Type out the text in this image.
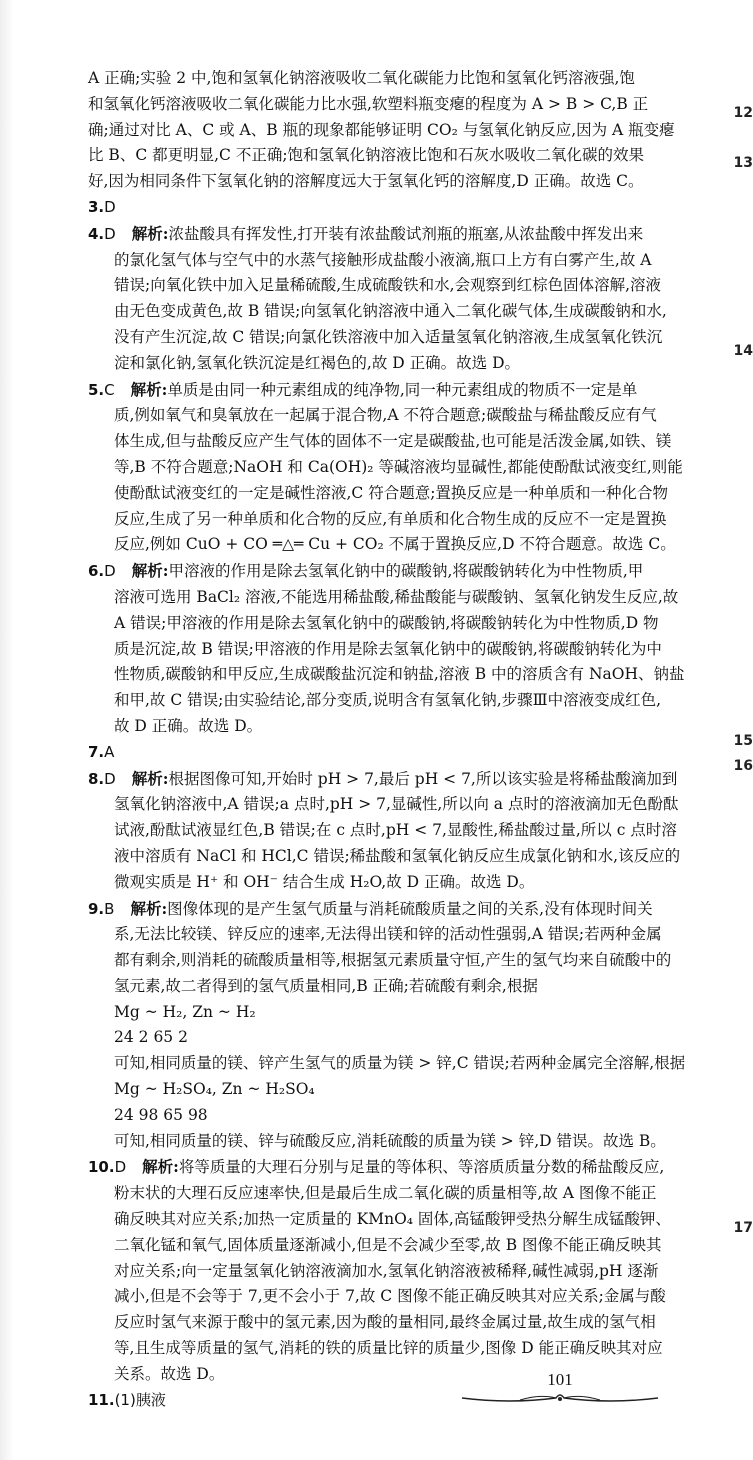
A 正确;实验 2 中,饱和氢氧化钠溶液吸收二氧化碳能力比饱和氢氧化钙溶液强,饱
和氢氧化钙溶液吸收二氧化碳能力比水强,软塑料瓶变瘪的程度为 A > B > C,B 正
确;通过对比 A、C 或 A、B 瓶的现象都能够证明 CO₂ 与氢氧化钠反应,因为 A 瓶变瘪
比 B、C 都更明显,C 不正确;饱和氢氧化钠溶液比饱和石灰水吸收二氧化碳的效果
好,因为相同条件下氢氧化钠的溶解度远大于氢氧化钙的溶解度,D 正确。故选 C。
3.D
4.D 解析:浓盐酸具有挥发性,打开装有浓盐酸试剂瓶的瓶塞,从浓盐酸中挥发出来
的氯化氢气体与空气中的水蒸气接触形成盐酸小液滴,瓶口上方有白雾产生,故 A
错误;向氧化铁中加入足量稀硫酸,生成硫酸铁和水,会观察到红棕色固体溶解,溶液
由无色变成黄色,故 B 错误;向氢氧化钠溶液中通入二氧化碳气体,生成碳酸钠和水,
没有产生沉淀,故 C 错误;向氯化铁溶液中加入适量氢氧化钠溶液,生成氢氧化铁沉
淀和氯化钠,氢氧化铁沉淀是红褐色的,故 D 正确。故选 D。
5.C 解析:单质是由同一种元素组成的纯净物,同一种元素组成的物质不一定是单
质,例如氧气和臭氧放在一起属于混合物,A 不符合题意;碳酸盐与稀盐酸反应有气
体生成,但与盐酸反应产生气体的固体不一定是碳酸盐,也可能是活泼金属,如铁、镁
等,B 不符合题意;NaOH 和 Ca(OH)₂ 等碱溶液均显碱性,都能使酚酞试液变红,则能
使酚酞试液变红的一定是碱性溶液,C 符合题意;置换反应是一种单质和一种化合物
反应,生成了另一种单质和化合物的反应,有单质和化合物生成的反应不一定是置换
反应,例如 CuO + CO ═△═ Cu + CO₂ 不属于置换反应,D 不符合题意。故选 C。
6.D 解析:甲溶液的作用是除去氢氧化钠中的碳酸钠,将碳酸钠转化为中性物质,甲
溶液可选用 BaCl₂ 溶液,不能选用稀盐酸,稀盐酸能与碳酸钠、氢氧化钠发生反应,故
A 错误;甲溶液的作用是除去氢氧化钠中的碳酸钠,将碳酸钠转化为中性物质,D 物
质是沉淀,故 B 错误;甲溶液的作用是除去氢氧化钠中的碳酸钠,将碳酸钠转化为中
性物质,碳酸钠和甲反应,生成碳酸盐沉淀和钠盐,溶液 B 中的溶质含有 NaOH、钠盐
和甲,故 C 错误;由实验结论,部分变质,说明含有氢氧化钠,步骤Ⅲ中溶液变成红色,
故 D 正确。故选 D。
7.A
8.D 解析:根据图像可知,开始时 pH > 7,最后 pH < 7,所以该实验是将稀盐酸滴加到
氢氧化钠溶液中,A 错误;a 点时,pH > 7,显碱性,所以向 a 点时的溶液滴加无色酚酞
试液,酚酞试液显红色,B 错误;在 c 点时,pH < 7,显酸性,稀盐酸过量,所以 c 点时溶
液中溶质有 NaCl 和 HCl,C 错误;稀盐酸和氢氧化钠反应生成氯化钠和水,该反应的
微观实质是 H⁺ 和 OH⁻ 结合生成 H₂O,故 D 正确。故选 D。
9.B 解析:图像体现的是产生氢气质量与消耗硫酸质量之间的关系,没有体现时间关
系,无法比较镁、锌反应的速率,无法得出镁和锌的活动性强弱,A 错误;若两种金属
都有剩余,则消耗的硫酸质量相等,根据氢元素质量守恒,产生的氢气均来自硫酸中的
氢元素,故二者得到的氢气质量相同,B 正确;若硫酸有剩余,根据
Mg ~ H₂, Zn ~ H₂
24 2 65 2
可知,相同质量的镁、锌产生氢气的质量为镁 > 锌,C 错误;若两种金属完全溶解,根据
Mg ~ H₂SO₄, Zn ~ H₂SO₄
24 98 65 98
可知,相同质量的镁、锌与硫酸反应,消耗硫酸的质量为镁 > 锌,D 错误。故选 B。
10.D 解析:将等质量的大理石分别与足量的等体积、等溶质质量分数的稀盐酸反应,
粉末状的大理石反应速率快,但是最后生成二氧化碳的质量相等,故 A 图像不能正
确反映其对应关系;加热一定质量的 KMnO₄ 固体,高锰酸钾受热分解生成锰酸钾、
二氧化锰和氧气,固体质量逐渐减小,但是不会减少至零,故 B 图像不能正确反映其
对应关系;向一定量氢氧化钠溶液滴加水,氢氧化钠溶液被稀释,碱性减弱,pH 逐渐
减小,但是不会等于 7,更不会小于 7,故 C 图像不能正确反映其对应关系;金属与酸
反应时氢气来源于酸中的氢元素,因为酸的量相同,最终金属过量,故生成的氢气相
等,且生成等质量的氢气,消耗的铁的质量比锌的质量少,图像 D 能正确反映其对应
关系。故选 D。
11.(1)胰液
12
13
14
15
16
17
101
